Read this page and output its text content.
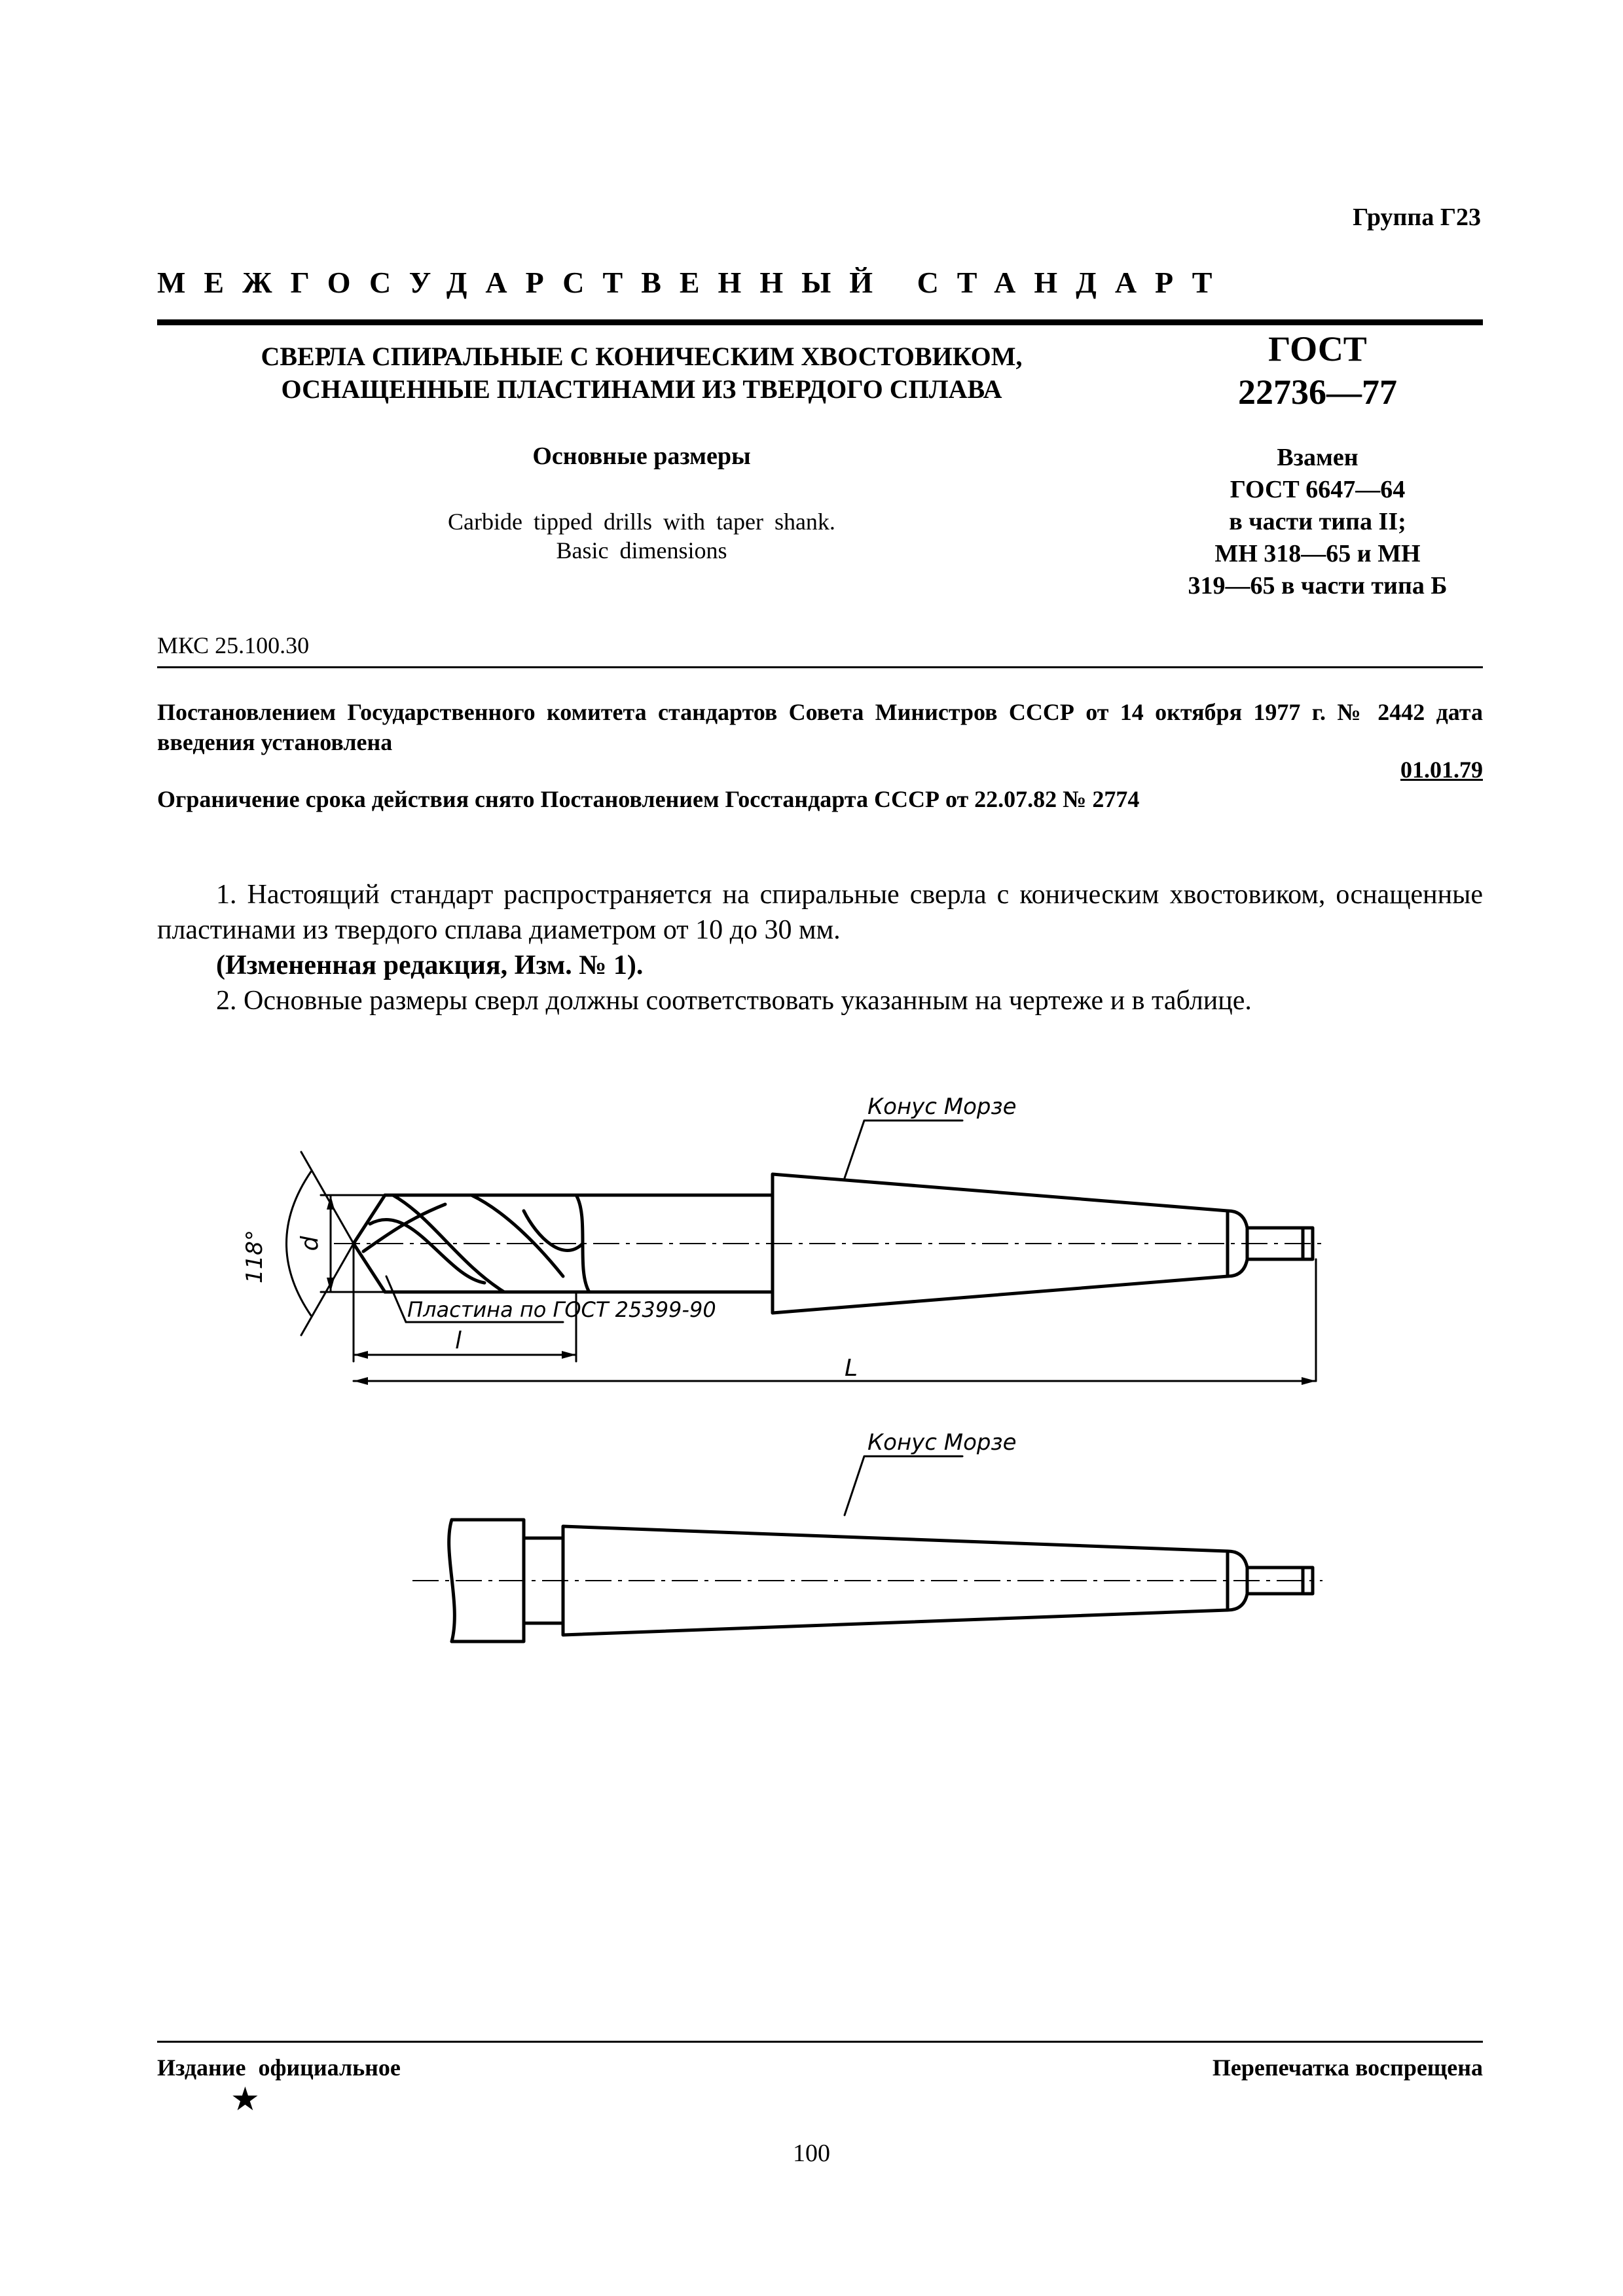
Группа Г23
МЕЖГОСУДАРСТВЕННЫЙ СТАНДАРТ
СВЕРЛА СПИРАЛЬНЫЕ С КОНИЧЕСКИМ ХВОСТОВИКОМ,
ОСНАЩЕННЫЕ ПЛАСТИНАМИ ИЗ ТВЕРДОГО СПЛАВА
ГОСТ
22736—77
Основные размеры
Carbide tipped drills with taper shank.
Basic dimensions
Взамен
ГОСТ 6647—64
в части типа II;
МН 318—65 и МН
319—65 в части типа Б
МКС 25.100.30
Постановлением Государственного комитета стандартов Совета Министров СССР от 14 октября 1977 г. № 2442 дата введения установлена
01.01.79
Ограничение срока действия снято Постановлением Госстандарта СССР от 22.07.82 № 2774

1. Настоящий стандарт распространяется на спиральные сверла с коническим хвостовиком, оснащенные пластинами из твердого сплава диаметром от 10 до 30 мм.

(Измененная редакция, Изм. № 1).

2. Основные размеры сверл должны соответствовать указанным на чертеже и в таблице.

118° d
Конус Морзе
Пластина по ГОСТ 25399-90
l
L
Конус Морзе
Издание официальное
★
Перепечатка воспрещена
100
